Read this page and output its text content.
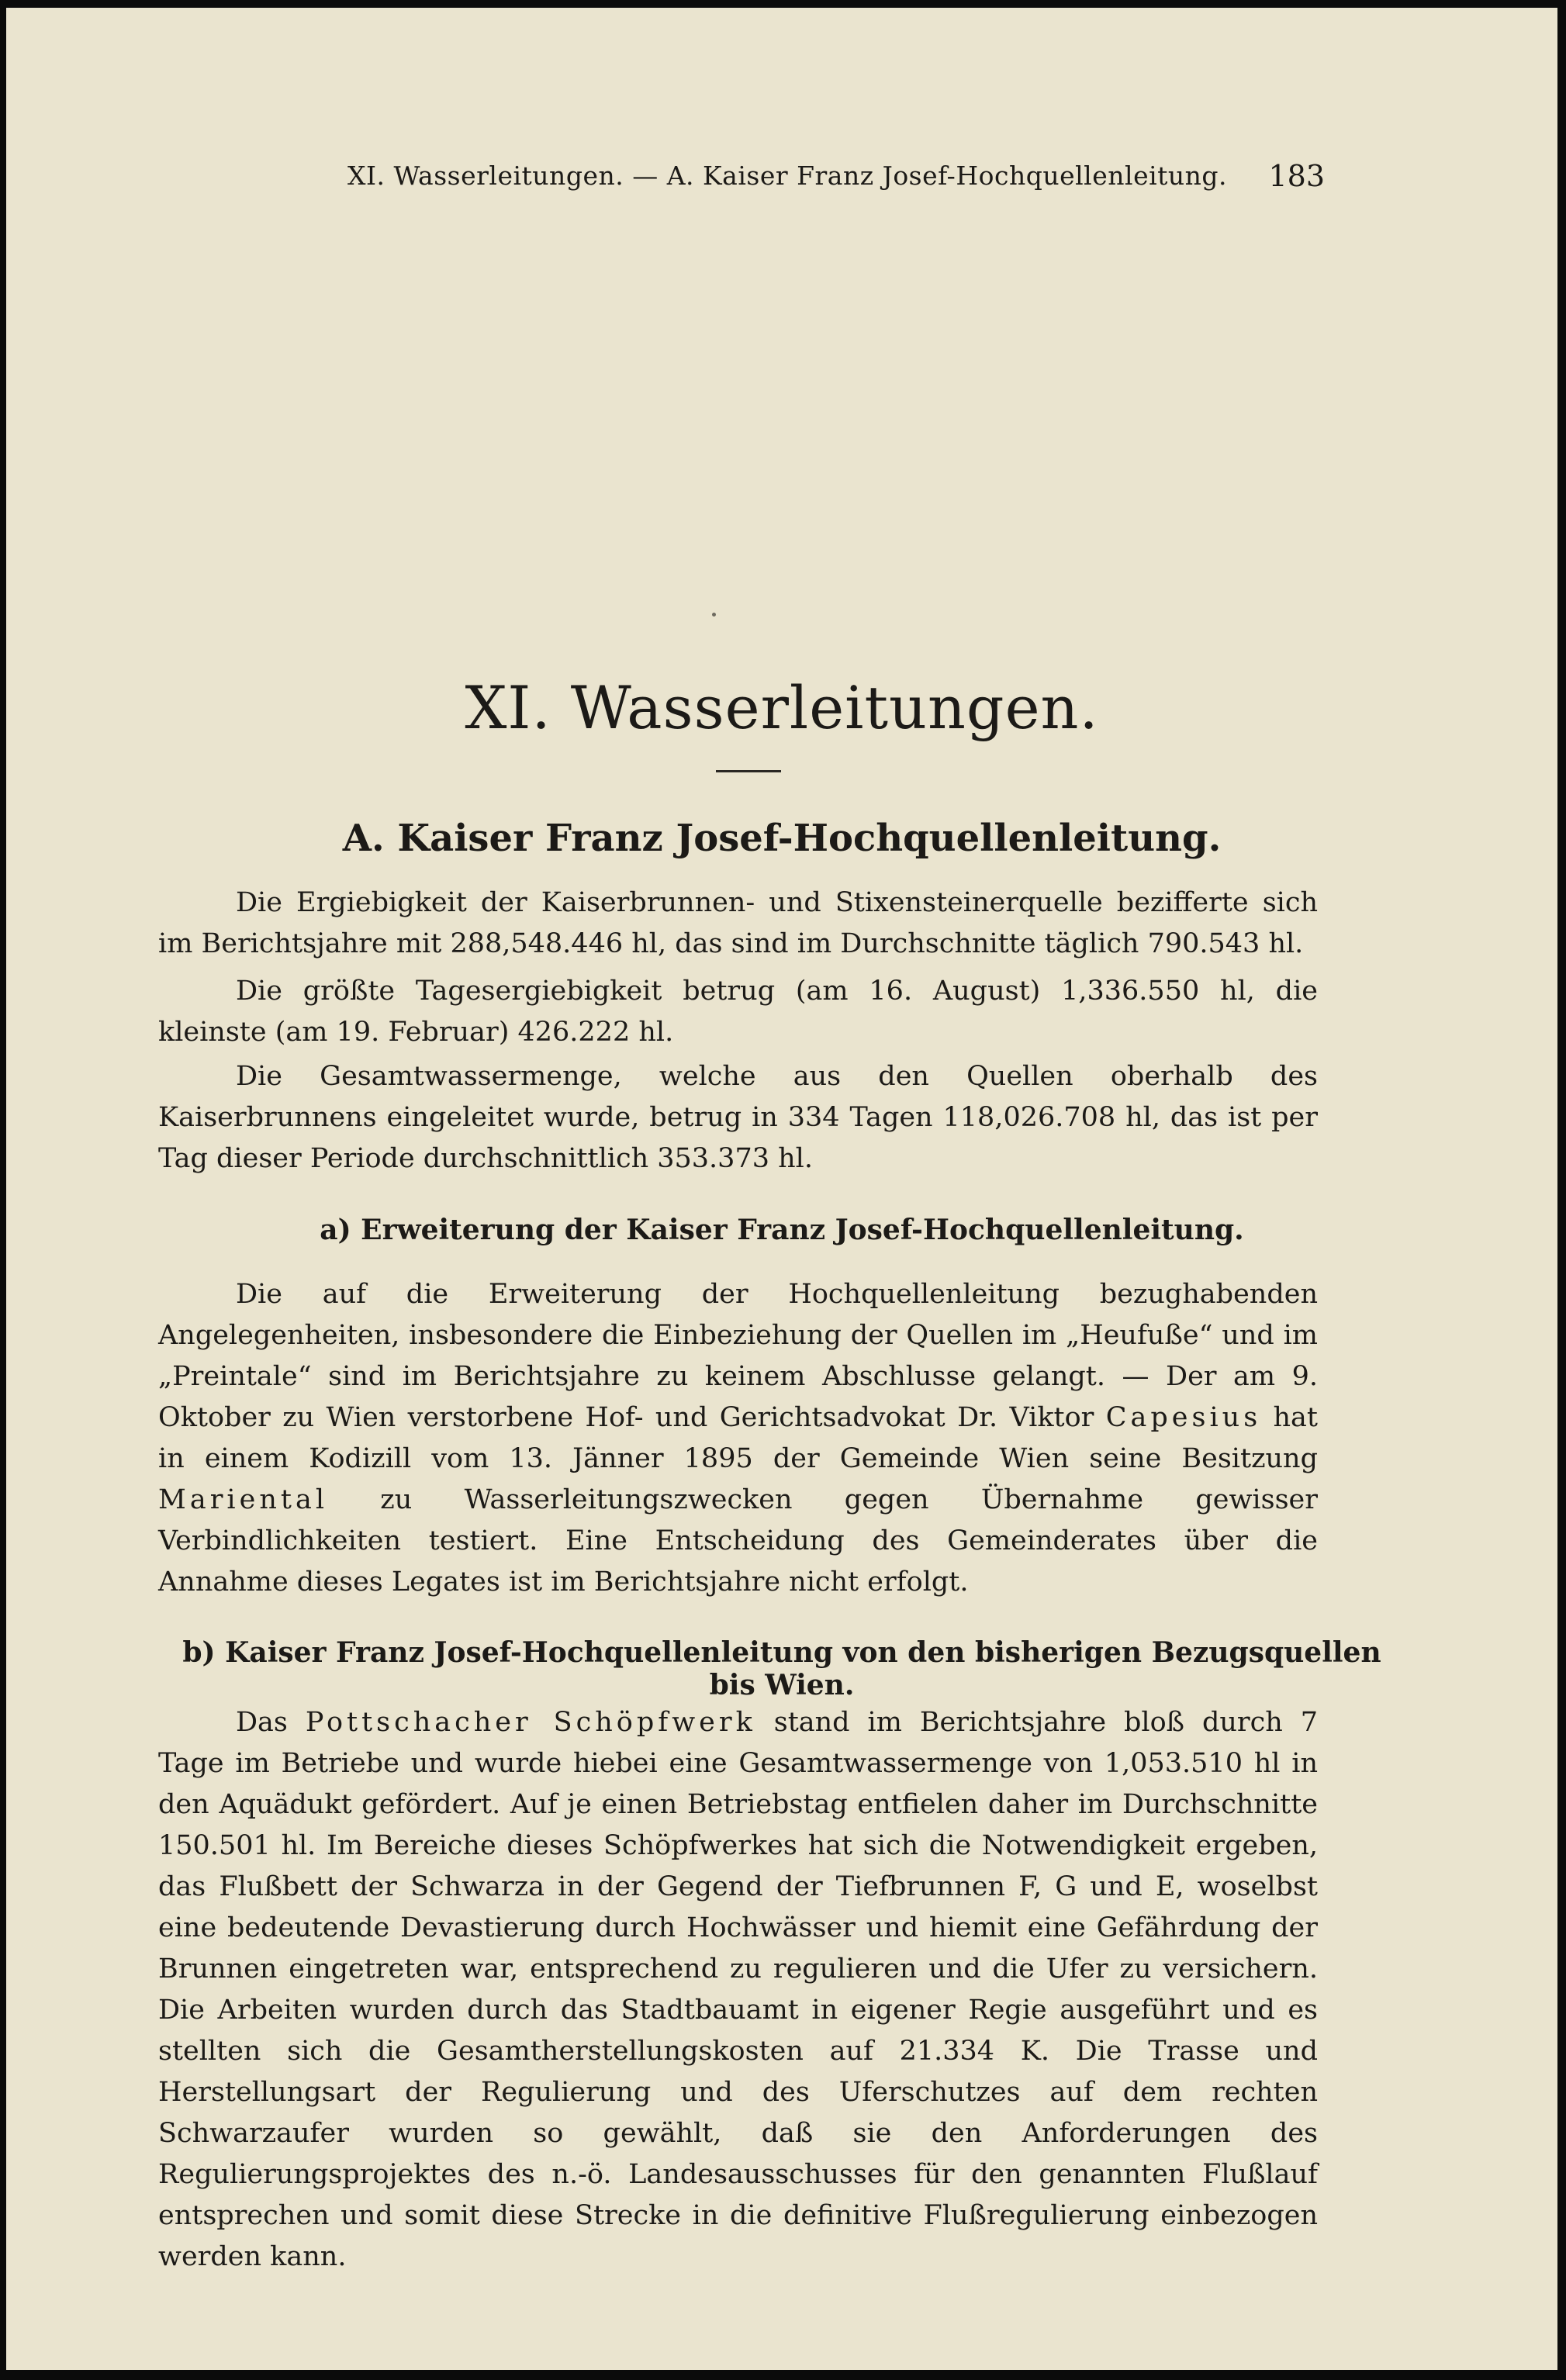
XI. Wasserleitungen. — A. Kaiser Franz Josef-Hochquellenleitung. 183
XI. Wasserleitungen.
A. Kaiser Franz Josef-Hochquellenleitung.

Die Ergiebigkeit der Kaiserbrunnen- und Stixensteinerquelle bezifferte sich im Berichtsjahre mit 288,548.446 hl, das sind im Durchschnitte täglich 790.543 hl.

Die größte Tagesergiebigkeit betrug (am 16. August) 1,336.550 hl, die kleinste (am 19. Februar) 426.222 hl.

Die Gesamtwassermenge, welche aus den Quellen oberhalb des Kaiserbrunnens eingeleitet wurde, betrug in 334 Tagen 118,026.708 hl, das ist per Tag dieser Periode durchschnittlich 353.373 hl.

a) Erweiterung der Kaiser Franz Josef-Hochquellenleitung.

Die auf die Erweiterung der Hochquellenleitung bezughabenden Angelegenheiten, insbesondere die Einbeziehung der Quellen im „Heufuße“ und im „Preintale“ sind im Berichtsjahre zu keinem Abschlusse gelangt. — Der am 9. Oktober zu Wien verstorbene Hof- und Gerichtsadvokat Dr. Viktor Capesius hat in einem Kodizill vom 13. Jänner 1895 der Gemeinde Wien seine Besitzung Mariental zu Wasserleitungszwecken gegen Übernahme gewisser Verbindlichkeiten testiert. Eine Entscheidung des Gemeinderates über die Annahme dieses Legates ist im Berichtsjahre nicht erfolgt.

b) Kaiser Franz Josef-Hochquellenleitung von den bisherigen Bezugsquellen bis Wien.

Das Pottschacher Schöpfwerk stand im Berichtsjahre bloß durch 7 Tage im Betriebe und wurde hiebei eine Gesamtwassermenge von 1,053.510 hl in den Aquädukt gefördert. Auf je einen Betriebstag entfielen daher im Durchschnitte 150.501 hl. Im Bereiche dieses Schöpfwerkes hat sich die Notwendigkeit ergeben, das Flußbett der Schwarza in der Gegend der Tiefbrunnen F, G und E, woselbst eine bedeutende Devastierung durch Hochwässer und hiemit eine Gefährdung der Brunnen eingetreten war, entsprechend zu regulieren und die Ufer zu versichern. Die Arbeiten wurden durch das Stadtbauamt in eigener Regie ausgeführt und es stellten sich die Gesamtherstellungskosten auf 21.334 K. Die Trasse und Herstellungsart der Regulierung und des Uferschutzes auf dem rechten Schwarzaufer wurden so gewählt, daß sie den Anforderungen des Regulierungsprojektes des n.-ö. Landesausschusses für den genannten Flußlauf entsprechen und somit diese Strecke in die definitive Flußregulierung einbezogen werden kann.
